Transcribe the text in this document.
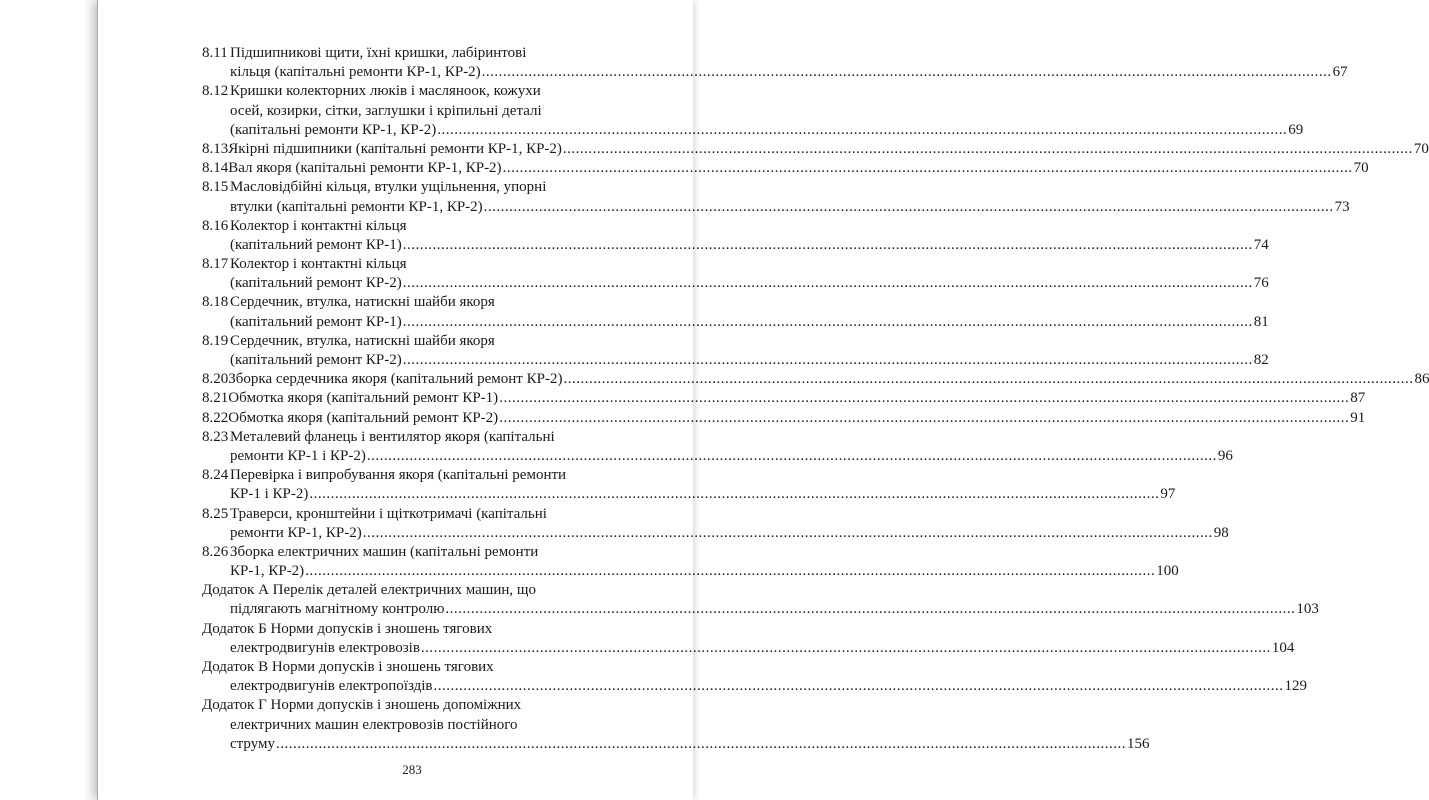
8.11 Підшипникові щити, їхні кришки, лабіринтові
кільця (капітальні ремонти КР-1, КР-2) ........................................................................................................................................................................................................ 67
8.12 Кришки колекторних люків і масляноок, кожухи
осей, козирки, сітки, заглушки і кріпильні деталі
(капітальні ремонти КР-1, КР-2) ........................................................................................................................................................................................................ 69
8.13 Якірні підшипники (капітальні ремонти КР-1, КР-2) ........................................................................................................................................................................................................ 70
8.14 Вал якоря (капітальні ремонти КР-1, КР-2) ........................................................................................................................................................................................................ 70
8.15 Масловідбійні кільця, втулки ущільнення, упорні
втулки (капітальні ремонти КР-1, КР-2) ........................................................................................................................................................................................................ 73
8.16 Колектор і контактні кільця
(капітальний ремонт КР-1) ........................................................................................................................................................................................................ 74
8.17 Колектор і контактні кільця
(капітальний ремонт КР-2) ........................................................................................................................................................................................................ 76
8.18 Сердечник, втулка, натискні шайби якоря
(капітальний ремонт КР-1) ........................................................................................................................................................................................................ 81
8.19 Сердечник, втулка, натискні шайби якоря
(капітальний ремонт КР-2) ........................................................................................................................................................................................................ 82
8.20 Зборка сердечника якоря (капітальний ремонт КР-2) ........................................................................................................................................................................................................ 86
8.21 Обмотка якоря (капітальний ремонт КР-1) ........................................................................................................................................................................................................ 87
8.22 Обмотка якоря (капітальний ремонт КР-2) ........................................................................................................................................................................................................ 91
8.23 Металевий фланець і вентилятор якоря (капітальні
ремонти КР-1 і КР-2) ........................................................................................................................................................................................................ 96
8.24 Перевірка і випробування якоря (капітальні ремонти
КР-1 і КР-2) ........................................................................................................................................................................................................ 97
8.25 Траверси, кронштейни і щіткотримачі (капітальні
ремонти КР-1, КР-2) ........................................................................................................................................................................................................ 98
8.26 Зборка електричних машин (капітальні ремонти
КР-1, КР-2) ........................................................................................................................................................................................................ 100
Додаток А Перелік деталей електричних машин, що
підлягають магнітному контролю ........................................................................................................................................................................................................ 103
Додаток Б Норми допусків і зношень тягових
електродвигунів електровозів ........................................................................................................................................................................................................ 104
Додаток В Норми допусків і зношень тягових
електродвигунів електропоїздів ........................................................................................................................................................................................................ 129
Додаток Г Норми допусків і зношень допоміжних
електричних машин електровозів постійного
струму ........................................................................................................................................................................................................ 156
283
